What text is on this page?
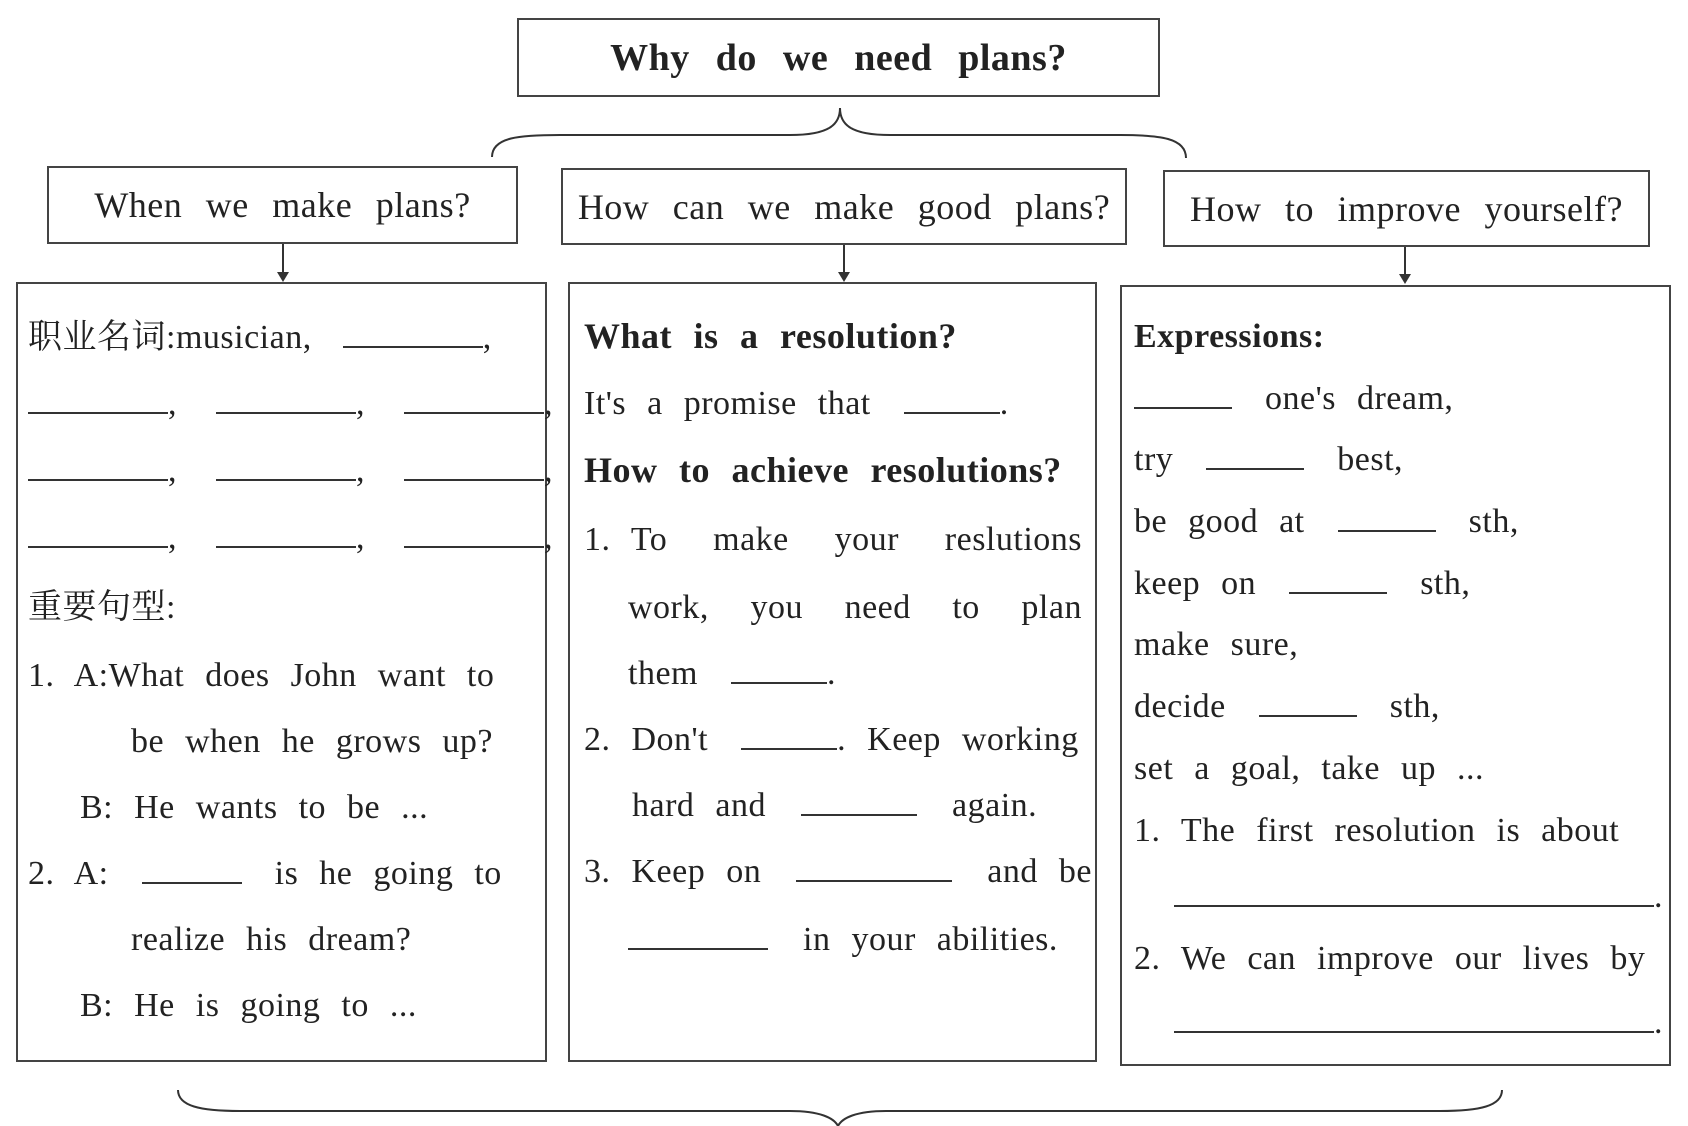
Why do we need plans?
When we make plans?	How can we make good plans? How to improve yourself?
职业名词:musician,	,
,	,	,
,	,	,
,	,	,
重要句型:
1. A:What does John want to
be when he grows up?
B: He wants to be ...
2. A:	is he going to
realize his dream?
B: He is going to ...
What is a resolution?
It's a promise that	.
How to achieve resolutions?
1. To make your reslutions
work, you need to plan
them	.
2. Don't	. Keep working
hard and	again.
3. Keep on	and be
in your abilities.
Expressions:
one's dream,
try	best,
be good at	sth,
keep on	sth,
make sure,
decide	sth,
set a goal, take up ...
1. The first resolution is about
.
2. We can improve our lives by
.
